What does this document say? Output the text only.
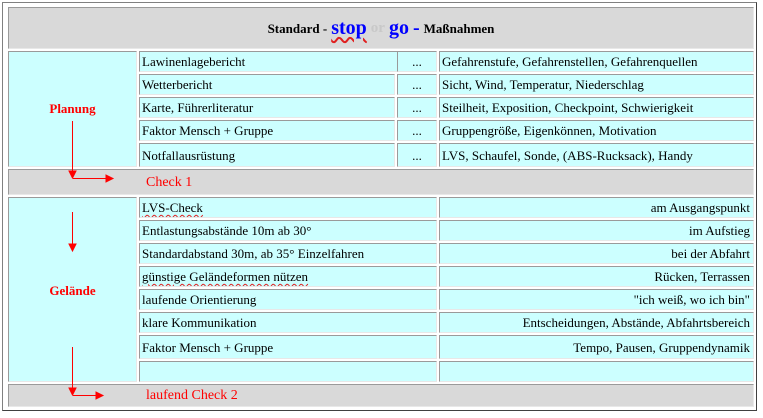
Standard - stop or go - Maßnahmen
Planung
Lawinenlagebericht	...	Gefahrenstufe, Gefahrenstellen, Gefahrenquellen
Wetterbericht	...	Sicht, Wind, Temperatur, Niederschlag
Karte, Führerliteratur	...	Steilheit, Exposition, Checkpoint, Schwierigkeit
Faktor Mensch + Gruppe	...	Gruppengröße, Eigenkönnen, Motivation
Notfallausrüstung	...	LVS, Schaufel, Sonde, (ABS-Rucksack), Handy
Check 1
Gelände
LVS-Check	am Ausgangspunkt
Entlastungsabstände 10m ab 30°	im Aufstieg
Standardabstand 30m, ab 35° Einzelfahren	bei der Abfahrt
günstige Geländeformen nützen	Rücken, Terrassen
laufende Orientierung	"ich weiß, wo ich bin"
klare Kommunikation	Entscheidungen, Abstände, Abfahrtsbereich
Faktor Mensch + Gruppe	Tempo, Pausen, Gruppendynamik
laufend Check 2
